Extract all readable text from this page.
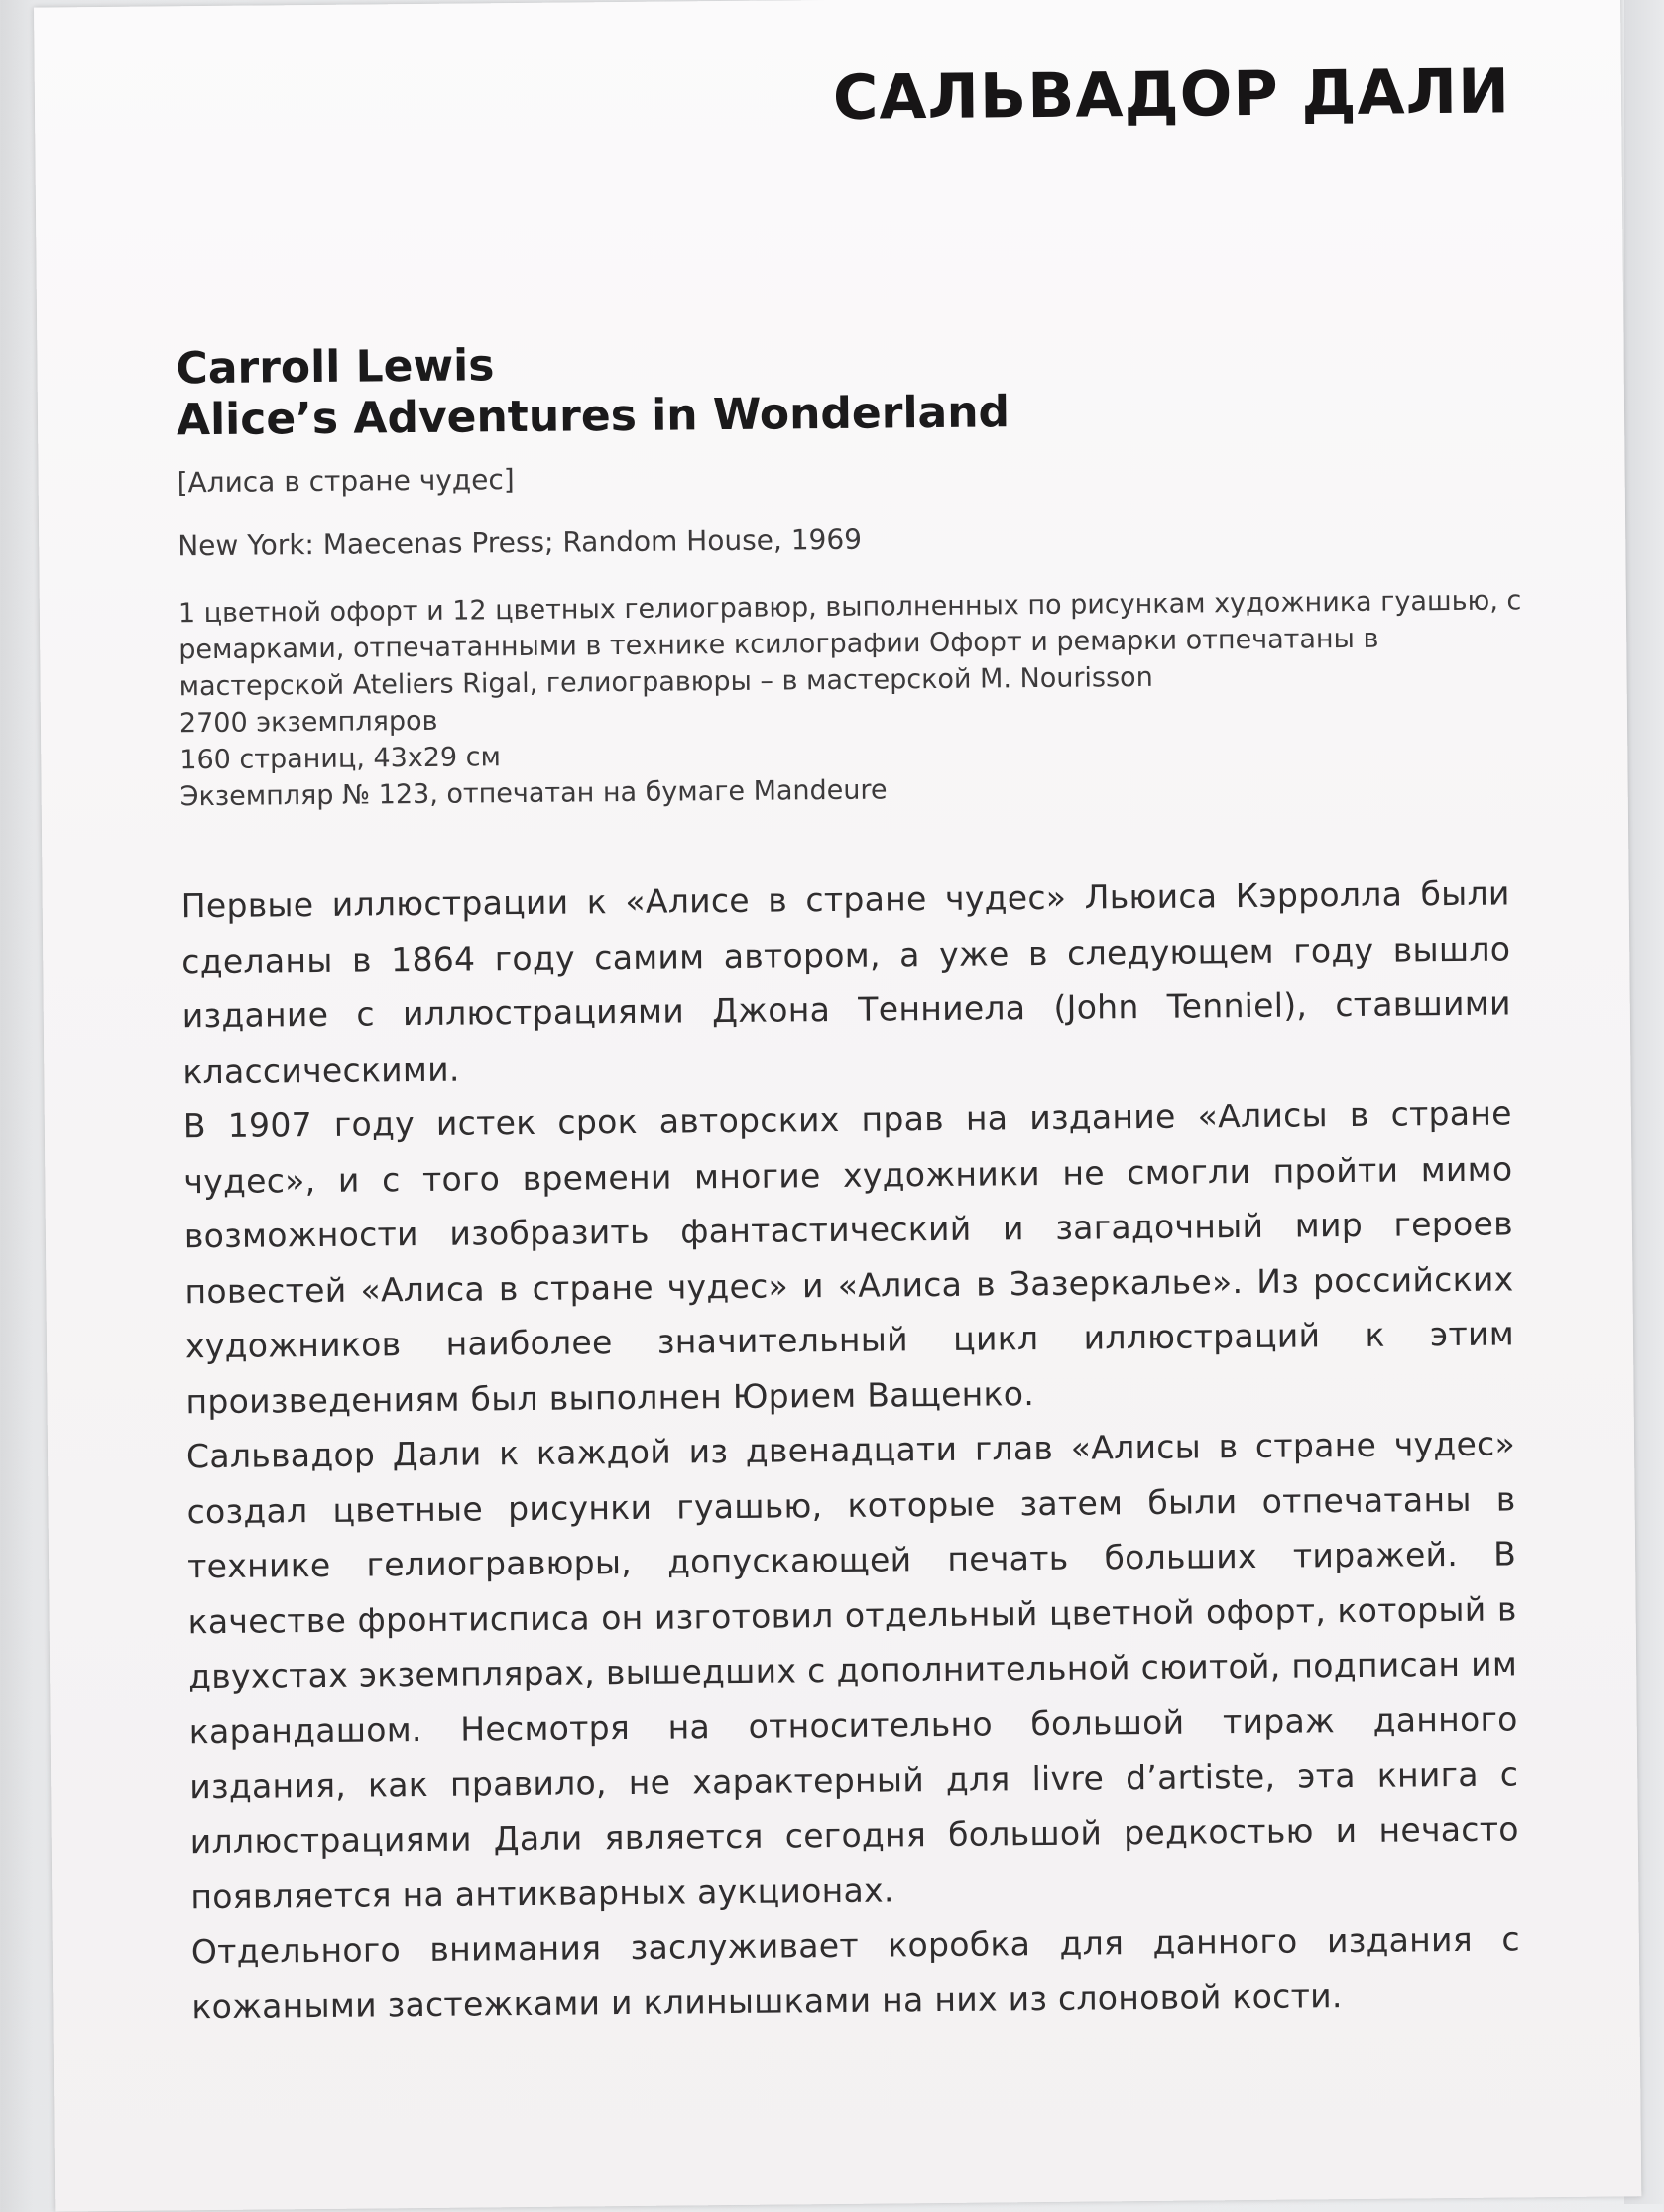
САЛЬВАДОР ДАЛИ
Carroll Lewis
Alice’s Adventures in Wonderland

[Алиса в стране чудес]

New York: Maecenas Press; Random House, 1969

1 цветной офорт и 12 цветных гелиогравюр, выполненных по рисункам художника гуашью, с ремарками, отпечатанными в технике ксилографии Офорт и ремарки отпечатаны в мастерской Ateliers Rigal, гелиогравюры – в мастерской M. Nourisson
2700 экземпляров
160 страниц, 43х29 см
Экземпляр № 123, отпечатан на бумаге Mandeure

Первые иллюстрации к «Алисе в стране чудес» Льюиса Кэрролла были сделаны в 1864 году самим автором, а уже в следующем году вышло издание с иллюстрациями Джона Тенниела (John Tenniel), ставшими классическими.

В 1907 году истек срок авторских прав на издание «Алисы в стране чудес», и с того времени многие художники не смогли пройти мимо возможности изобразить фантастический и загадочный мир героев повестей «Алиса в стране чудес» и «Алиса в Зазеркалье». Из российских художников наиболее значительный цикл иллюстраций к этим произведениям был выполнен Юрием Ващенко.

Сальвадор Дали к каждой из двенадцати глав «Алисы в стране чудес» создал цветные рисунки гуашью, которые затем были отпечатаны в технике гелиогравюры, допускающей печать больших тиражей. В качестве фронтисписа он изготовил отдельный цветной офорт, который в двухстах экземплярах, вышедших с дополнительной сюитой, подписан им карандашом. Несмотря на относительно большой тираж данного издания, как правило, не характерный для livre d’artiste, эта книга с иллюстрациями Дали является сегодня большой редкостью и нечасто появляется на антикварных аукционах.

Отдельного внимания заслуживает коробка для данного издания с кожаными застежками и клинышками на них из слоновой кости.
